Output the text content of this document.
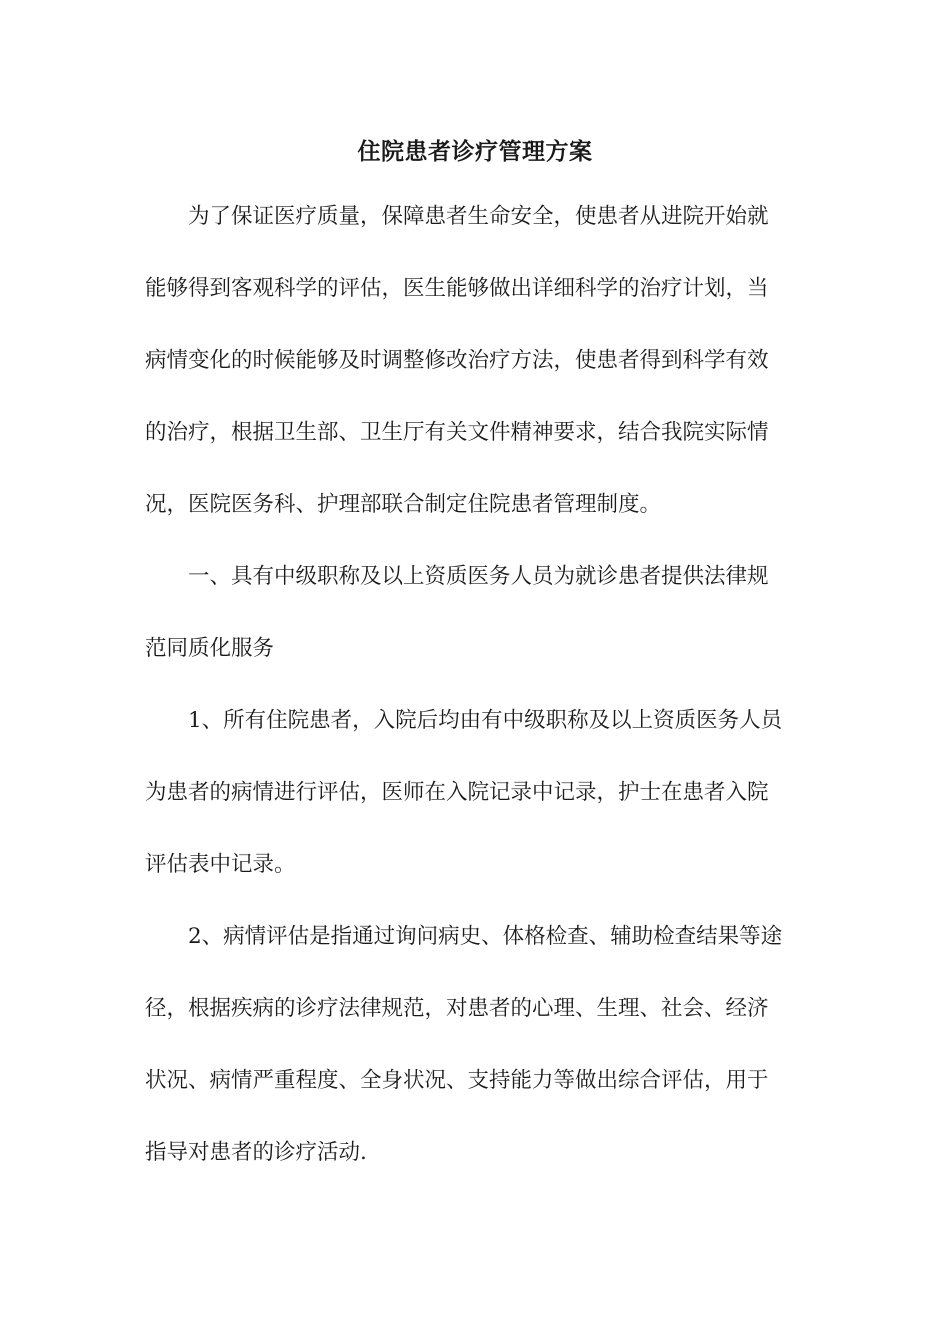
住院患者诊疗管理方案
为了保证医疗质量，保障患者生命安全，使患者从进院开始就
能够得到客观科学的评估，医生能够做出详细科学的治疗计划，当
病情变化的时候能够及时调整修改治疗方法，使患者得到科学有效
的治疗，根据卫生部、卫生厅有关文件精神要求，结合我院实际情
况，医院医务科、护理部联合制定住院患者管理制度。
一、具有中级职称及以上资质医务人员为就诊患者提供法律规
范同质化服务
1、所有住院患者，入院后均由有中级职称及以上资质医务人员
为患者的病情进行评估，医师在入院记录中记录，护士在患者入院
评估表中记录。
2、病情评估是指通过询问病史、体格检查、辅助检查结果等途
径，根据疾病的诊疗法律规范，对患者的心理、生理、社会、经济
状况、病情严重程度、全身状况、支持能力等做出综合评估，用于
指导对患者的诊疗活动.
